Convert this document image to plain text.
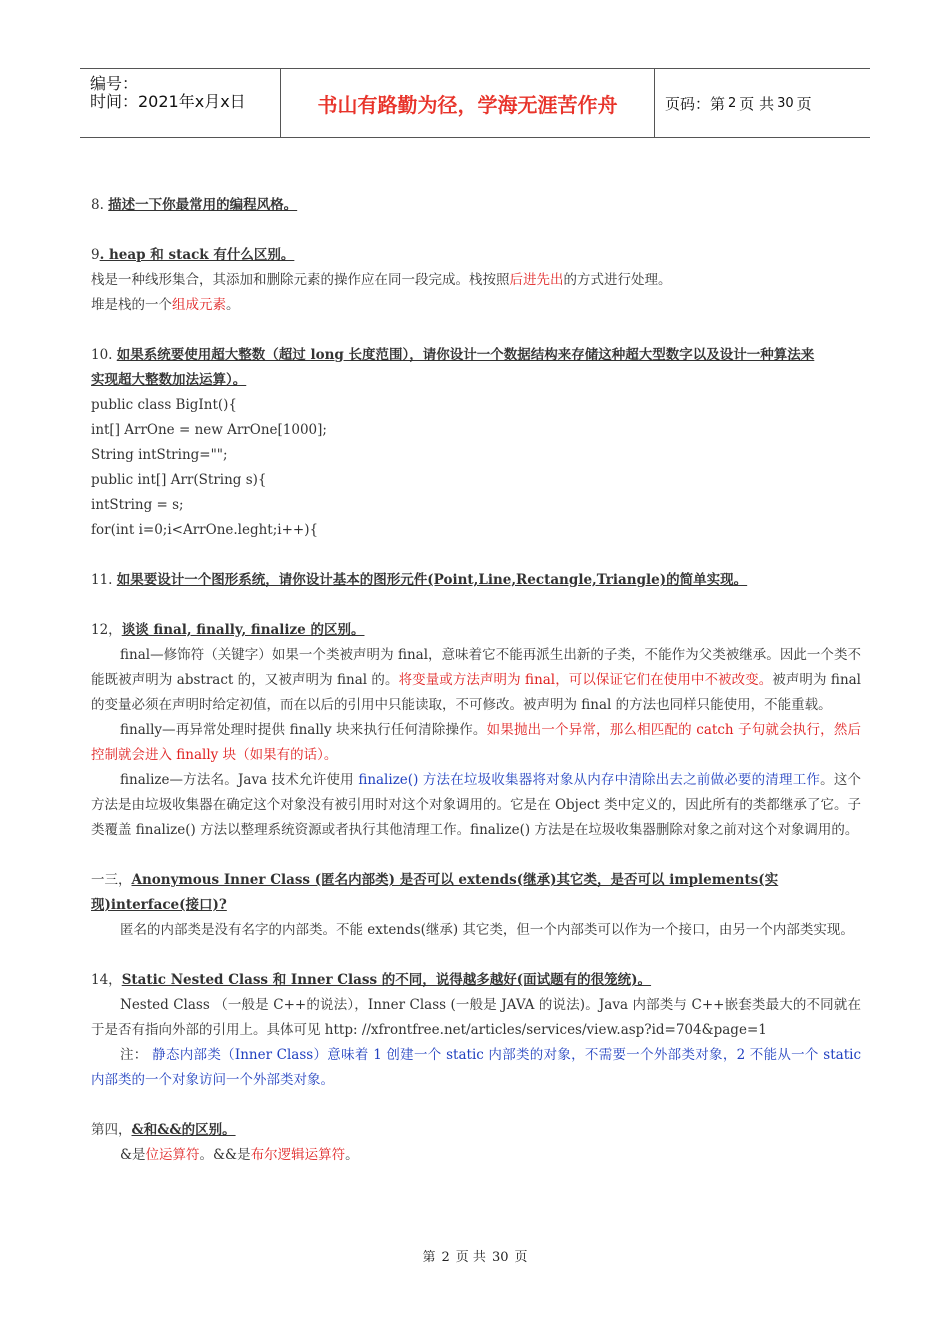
编号：
时间：2021年x月x日	书山有路勤为径，学海无涯苦作舟	页码：第 2 页 共 30 页

8. 描述一下你最常用的编程风格。

9. heap 和 stack 有什么区别。

栈是一种线形集合，其添加和删除元素的操作应在同一段完成。栈按照后进先出的方式进行处理。

堆是栈的一个组成元素。

10. 如果系统要使用超大整数（超过 long 长度范围），请你设计一个数据结构来存储这种超大型数字以及设计一种算法来

实现超大整数加法运算）。

public class BigInt(){

int[] ArrOne = new ArrOne[1000];

String intString="";

public int[] Arr(String s){

intString = s;

for(int i=0;i<ArrOne.leght;i++){

11. 如果要设计一个图形系统，请你设计基本的图形元件(Point,Line,Rectangle,Triangle)的简单实现。

12，谈谈 final, finally, finalize 的区别。

final—修饰符（关键字）如果一个类被声明为 final，意味着它不能再派生出新的子类，不能作为父类被继承。因此一个类不能既被声明为 abstract 的，又被声明为 final 的。将变量或方法声明为 final，可以保证它们在使用中不被改变。被声明为 final 的变量必须在声明时给定初值，而在以后的引用中只能读取，不可修改。被声明为 final 的方法也同样只能使用，不能重载。

finally—再异常处理时提供 finally 块来执行任何清除操作。如果抛出一个异常，那么相匹配的 catch 子句就会执行，然后控制就会进入 finally 块（如果有的话）。

finalize—方法名。Java 技术允许使用 finalize() 方法在垃圾收集器将对象从内存中清除出去之前做必要的清理工作。这个方法是由垃圾收集器在确定这个对象没有被引用时对这个对象调用的。它是在 Object 类中定义的，因此所有的类都继承了它。子类覆盖 finalize() 方法以整理系统资源或者执行其他清理工作。finalize() 方法是在垃圾收集器删除对象之前对这个对象调用的。

一三，Anonymous Inner Class (匿名内部类) 是否可以 extends(继承)其它类，是否可以 implements(实现)interface(接口)?

匿名的内部类是没有名字的内部类。不能 extends(继承) 其它类，但一个内部类可以作为一个接口，由另一个内部类实现。

14，Static Nested Class 和 Inner Class 的不同，说得越多越好(面试题有的很笼统)。

Nested Class （一般是 C++的说法），Inner Class (一般是 JAVA 的说法)。Java 内部类与 C++嵌套类最大的不同就在于是否有指向外部的引用上。具体可见 http: //xfrontfree.net/articles/services/view.asp?id=704&page=1

注： 静态内部类（Inner Class）意味着 1 创建一个 static 内部类的对象，不需要一个外部类对象，2 不能从一个 static 内部类的一个对象访问一个外部类对象。

第四，&和&&的区别。

&是位运算符。&&是布尔逻辑运算符。

第 2 页 共 30 页
